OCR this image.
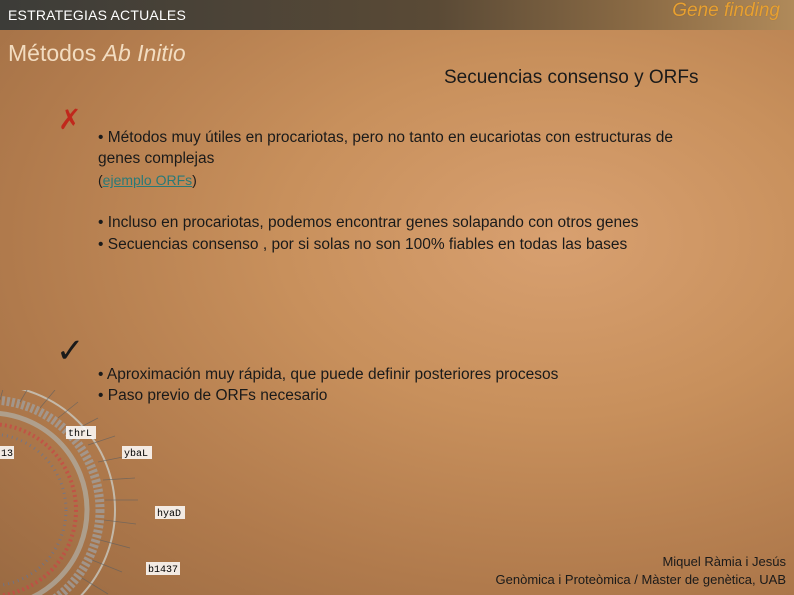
ESTRATEGIAS ACTUALES	Gene finding
Métodos Ab Initio
Secuencias consenso y ORFs
✗
• Métodos muy útiles en procariotas, pero no tanto en eucariotas con estructuras de
genes complejas
(ejemplo ORFs)
• Incluso en procariotas, podemos encontrar genes solapando con otros genes
• Secuencias consenso , por si solas no son 100% fiables en todas las bases
✓
• Aproximación muy rápida, que puede definir posteriores procesos
• Paso previo de ORFs necesario
thrL
ybaL
hyaD
b1437
13
Miquel Ràmia i Jesús
Genòmica i Proteòmica / Màster de genètica, UAB
